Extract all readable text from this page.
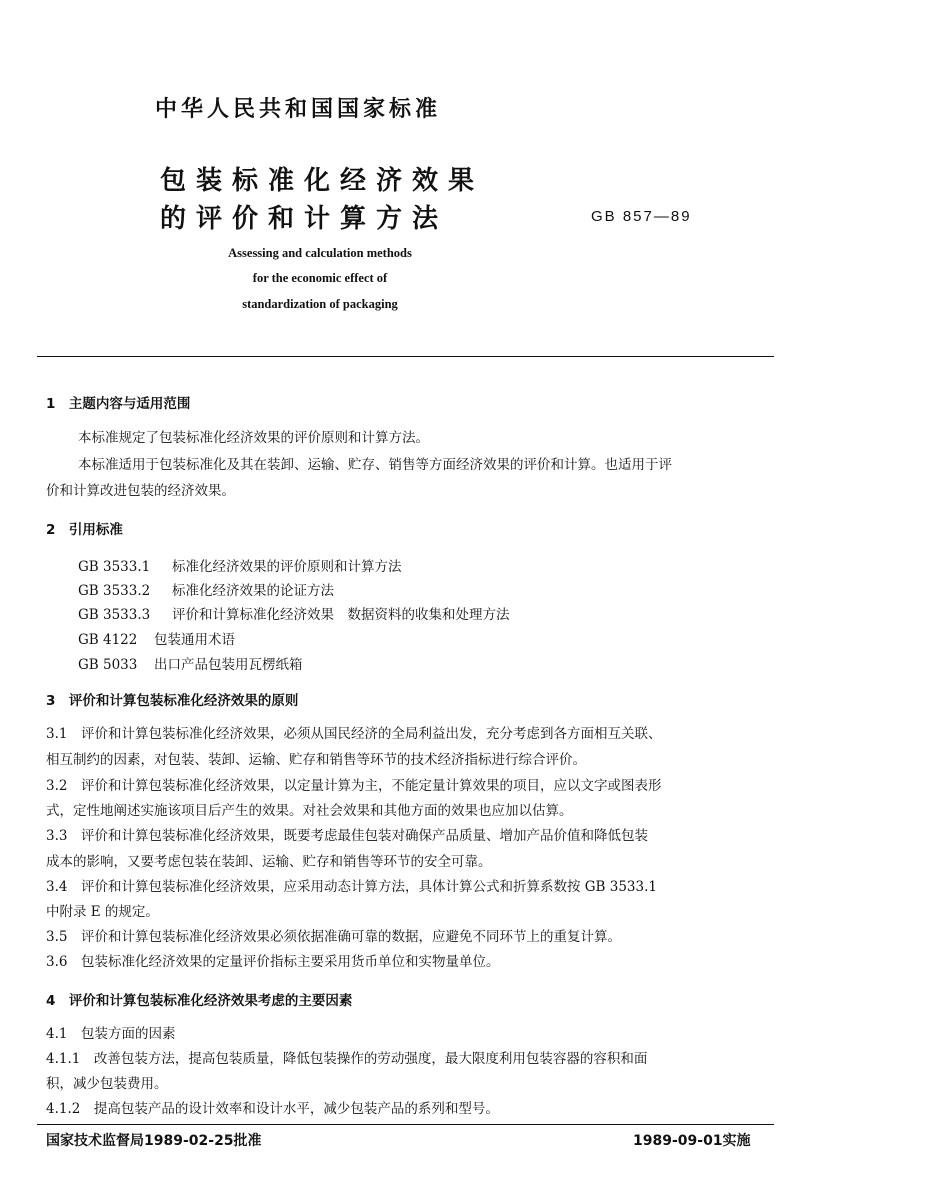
中华人民共和国国家标准
包装标准化经济效果
的评价和计算方法	GB 857—89
Assessing and calculation methods
for the economic effect of
standardization of packaging
1　主题内容与适用范围
本标准规定了包装标准化经济效果的评价原则和计算方法。
本标准适用于包装标准化及其在装卸、运输、贮存、销售等方面经济效果的评价和计算。也适用于评
价和计算改进包装的经济效果。
2　引用标准
GB 3533.1 标准化经济效果的评价原则和计算方法
GB 3533.2 标准化经济效果的论证方法
GB 3533.3 评价和计算标准化经济效果　数据资料的收集和处理方法
GB 4122 包装通用术语
GB 5033 出口产品包装用瓦楞纸箱
3　评价和计算包装标准化经济效果的原则
3.1　评价和计算包装标准化经济效果，必须从国民经济的全局利益出发，充分考虑到各方面相互关联、
相互制约的因素，对包装、装卸、运输、贮存和销售等环节的技术经济指标进行综合评价。
3.2　评价和计算包装标准化经济效果，以定量计算为主，不能定量计算效果的项目，应以文字或图表形
式，定性地阐述实施该项目后产生的效果。对社会效果和其他方面的效果也应加以估算。
3.3　评价和计算包装标准化经济效果，既要考虑最佳包装对确保产品质量、增加产品价值和降低包装
成本的影响，又要考虑包装在装卸、运输、贮存和销售等环节的安全可靠。
3.4　评价和计算包装标准化经济效果，应采用动态计算方法，具体计算公式和折算系数按 GB 3533.1
中附录 E 的规定。
3.5　评价和计算包装标准化经济效果必须依据准确可靠的数据，应避免不同环节上的重复计算。
3.6　包装标准化经济效果的定量评价指标主要采用货币单位和实物量单位。
4　评价和计算包装标准化经济效果考虑的主要因素
4.1　包装方面的因素
4.1.1　改善包装方法，提高包装质量，降低包装操作的劳动强度，最大限度利用包装容器的容积和面
积，减少包装费用。
4.1.2　提高包装产品的设计效率和设计水平，减少包装产品的系列和型号。
国家技术监督局1989-02-25批准	1989-09-01实施
